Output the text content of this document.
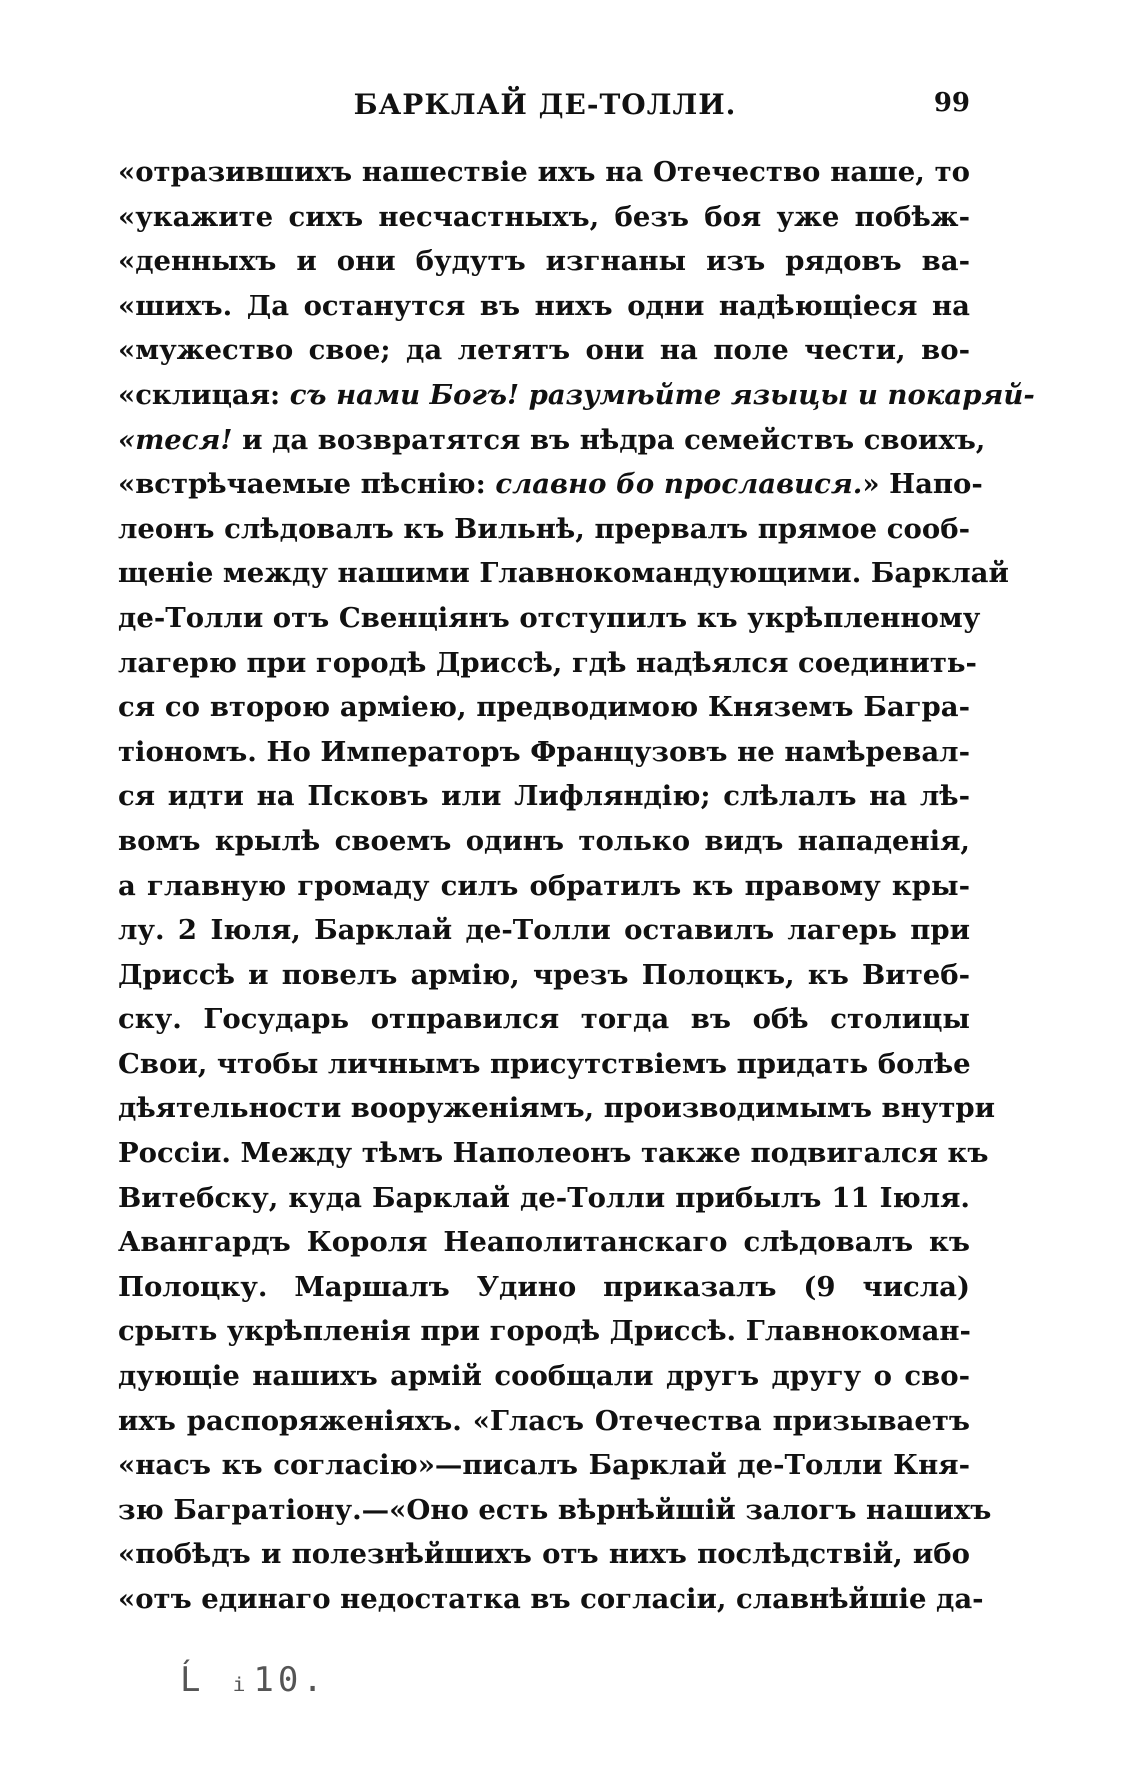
БАРКЛАЙ ДЕ-ТОЛЛИ.	99
«отразившихъ нашествіе ихъ на Отечество наше, то
«укажите сихъ несчастныхъ, безъ боя уже побѣж-
«денныхъ и они будутъ изгнаны изъ рядовъ ва-
«шихъ. Да останутся въ нихъ одни надѣющіеся на
«мужество свое; да летятъ они на поле чести, во-
«склицая: съ нами Богъ! разумѣйте языцы и покаряй-
«теся! и да возвратятся въ нѣдра семействъ своихъ,
«встрѣчаемые пѣснію: славно бо прославися.» Напо-
леонъ слѣдовалъ къ Вильнѣ, прервалъ прямое сооб-
щеніе между нашими Главнокомандующими. Барклай
де-Толли отъ Свенціянъ отступилъ къ укрѣпленному
лагерю при городѣ Дриссѣ, гдѣ надѣялся соединить-
ся со второю арміею, предводимою Княземъ Багра-
тіономъ. Но Императоръ Французовъ не намѣревал-
ся идти на Псковъ или Лифляндію; слѣлалъ на лѣ-
вомъ крылѣ своемъ одинъ только видъ нападенія,
а главную громаду силъ обратилъ къ правому кры-
лу. 2 Іюля, Барклай де-Толли оставилъ лагерь при
Дриссѣ и повелъ армію, чрезъ Полоцкъ, къ Витеб-
ску. Государь отправился тогда въ обѣ столицы
Свои, чтобы личнымъ присутствіемъ придать болѣе
дѣятельности вооруженіямъ, производимымъ внутри
Россіи. Между тѣмъ Наполеонъ также подвигался къ
Витебску, куда Барклай де-Толли прибылъ 11 Іюля.
Авангардъ Короля Неаполитанскаго слѣдовалъ къ
Полоцку. Маршалъ Удино приказалъ (9 числа)
срыть укрѣпленія при городѣ Дриссѣ. Главнокоман-
дующіе нашихъ армій сообщали другъ другу о сво-
ихъ распоряженіяхъ. «Гласъ Отечества призываетъ
«насъ къ согласію»—писалъ Барклай де-Толли Кня-
зю Багратіону.—«Оно есть вѣрнѣйшій залогъ нашихъ
«побѣдъ и полезнѣйшихъ отъ нихъ послѣдствій, ибо
«отъ единаго недостатка въ согласіи, славнѣйшіе да-
Ĺ ᵢ10.
